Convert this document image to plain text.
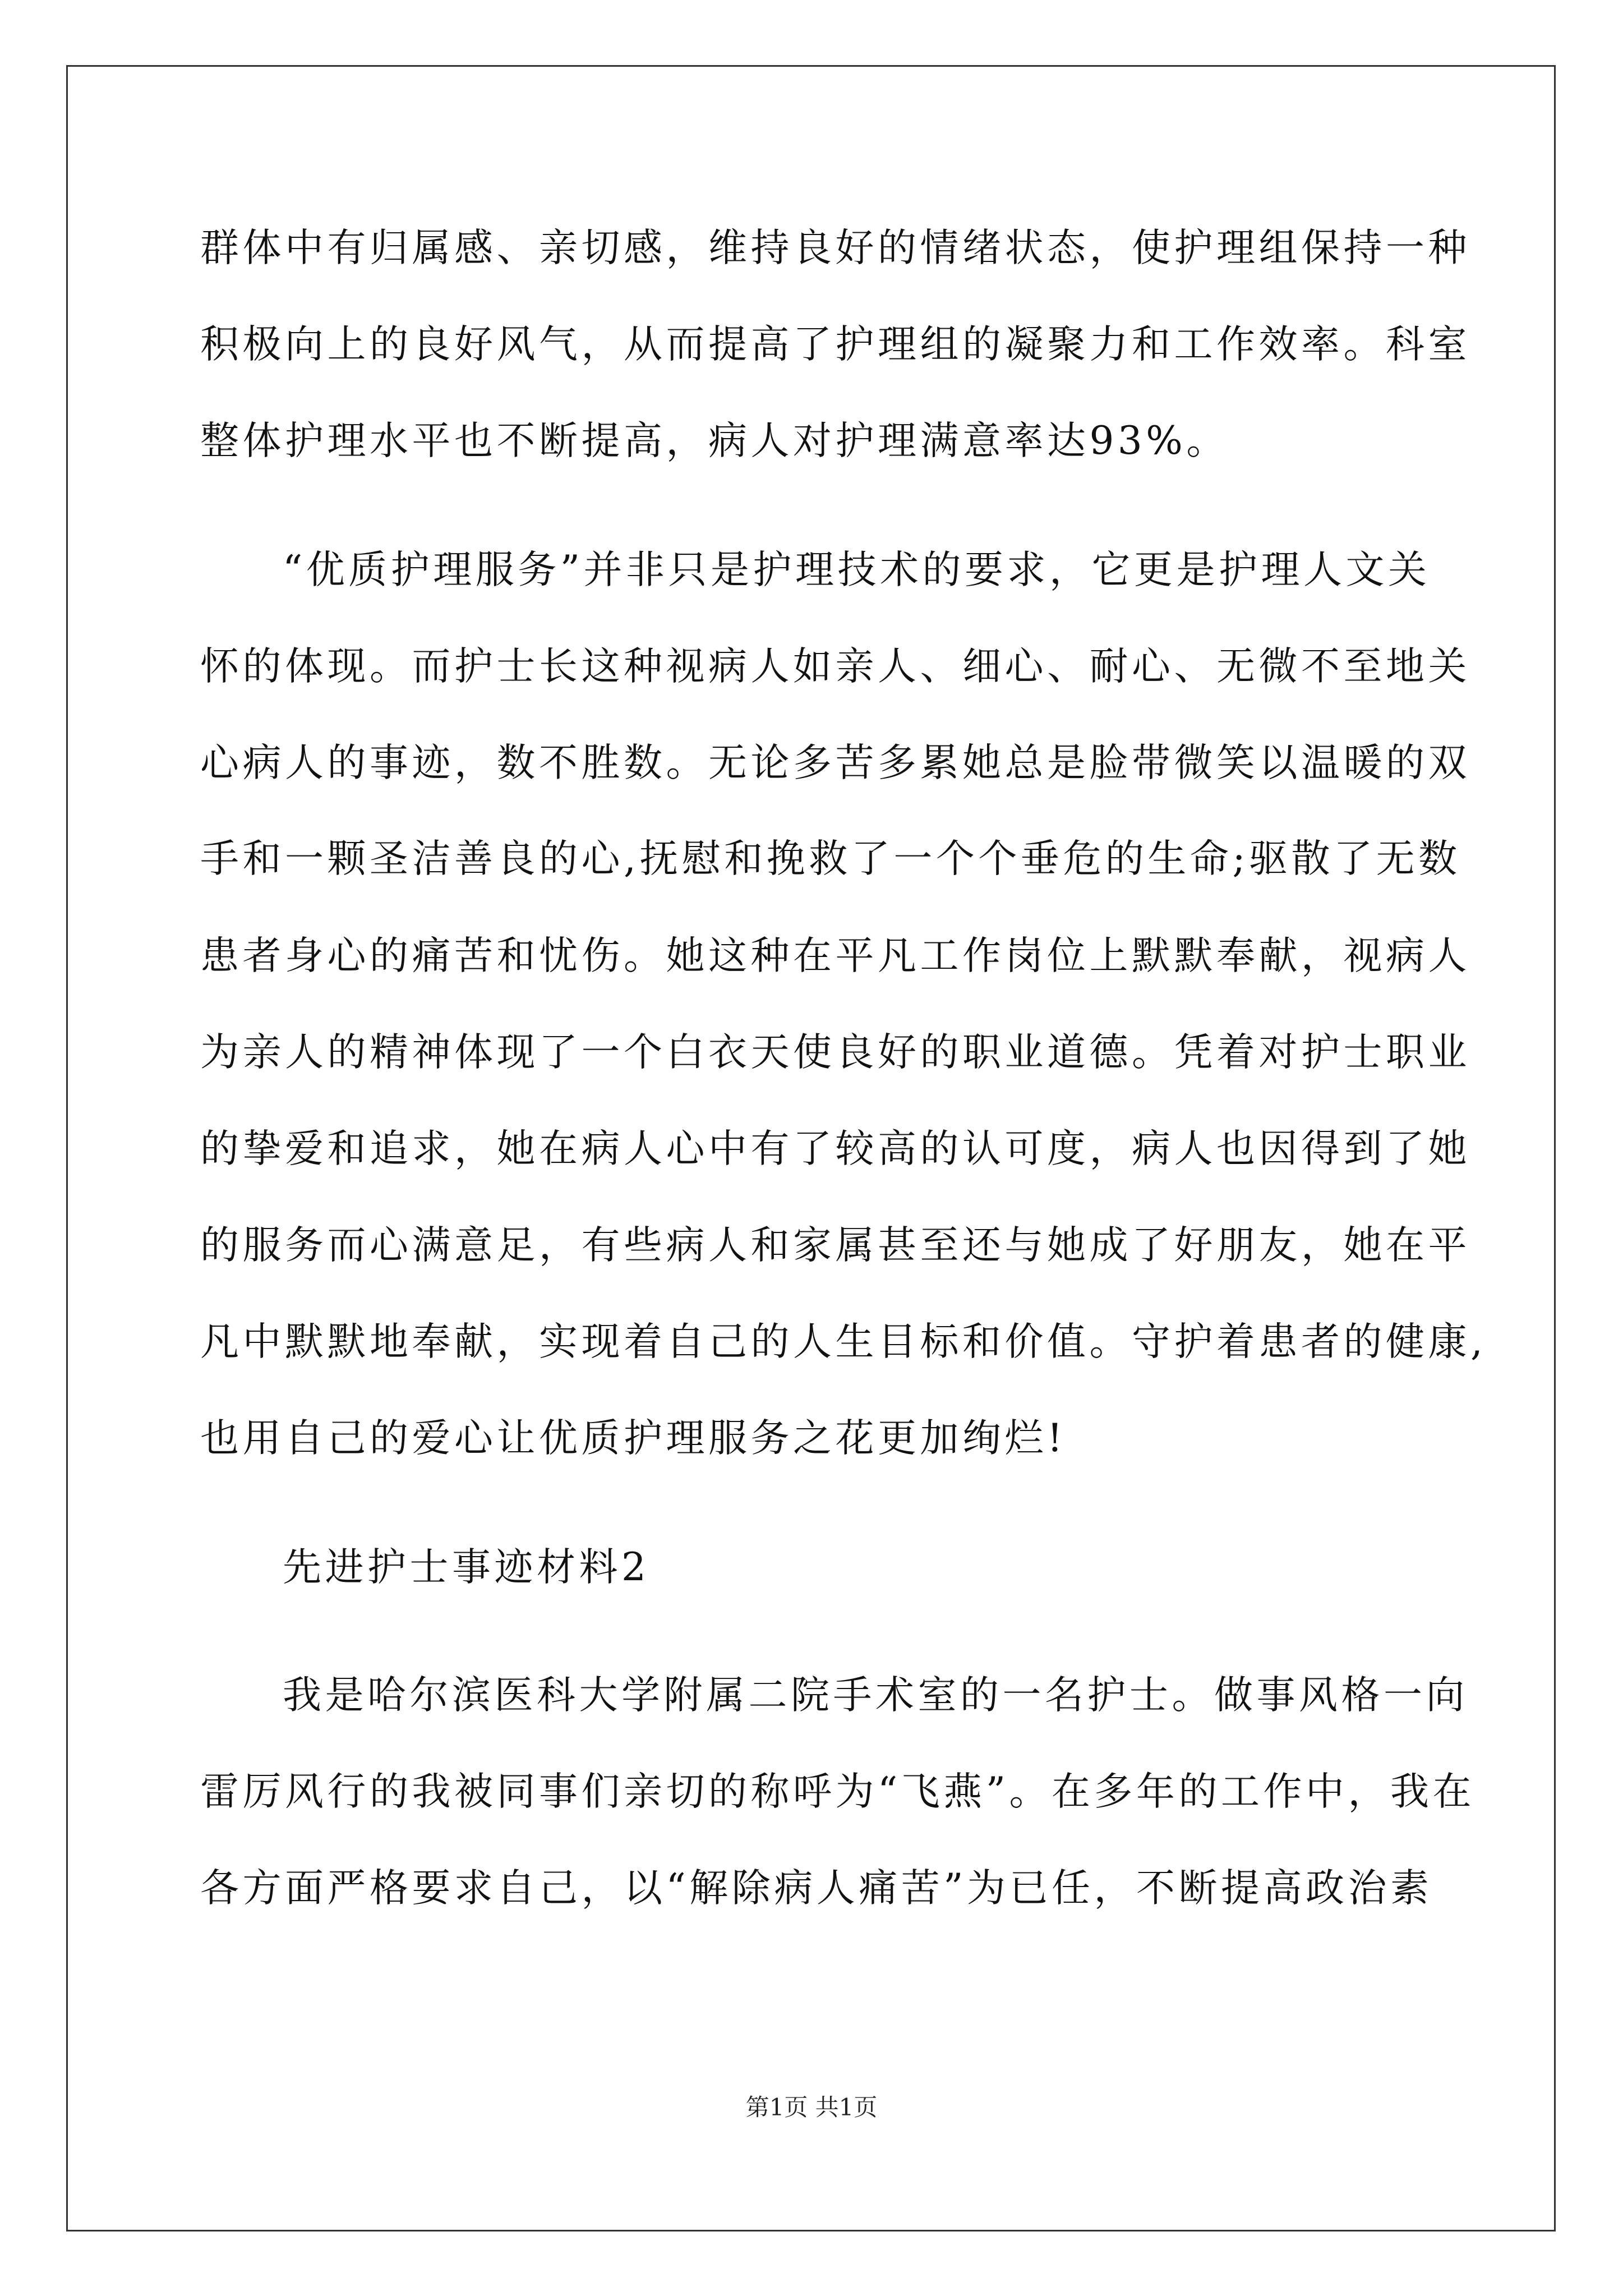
群体中有归属感、亲切感，维持良好的情绪状态，使护理组保持一种
积极向上的良好风气，从而提高了护理组的凝聚力和工作效率。科室
整体护理水平也不断提高，病人对护理满意率达93%。
“优质护理服务”并非只是护理技术的要求，它更是护理人文关
怀的体现。而护士长这种视病人如亲人、细心、耐心、无微不至地关
心病人的事迹，数不胜数。无论多苦多累她总是脸带微笑以温暖的双
手和一颗圣洁善良的心,抚慰和挽救了一个个垂危的生命;驱散了无数
患者身心的痛苦和忧伤。她这种在平凡工作岗位上默默奉献，视病人
为亲人的精神体现了一个白衣天使良好的职业道德。凭着对护士职业
的挚爱和追求，她在病人心中有了较高的认可度，病人也因得到了她
的服务而心满意足，有些病人和家属甚至还与她成了好朋友，她在平
凡中默默地奉献，实现着自己的人生目标和价值。守护着患者的健康,
也用自己的爱心让优质护理服务之花更加绚烂!
先进护士事迹材料2
我是哈尔滨医科大学附属二院手术室的一名护士。做事风格一向
雷厉风行的我被同事们亲切的称呼为“飞燕”。在多年的工作中，我在
各方面严格要求自己，以“解除病人痛苦”为已任，不断提高政治素
第1页 共1页
